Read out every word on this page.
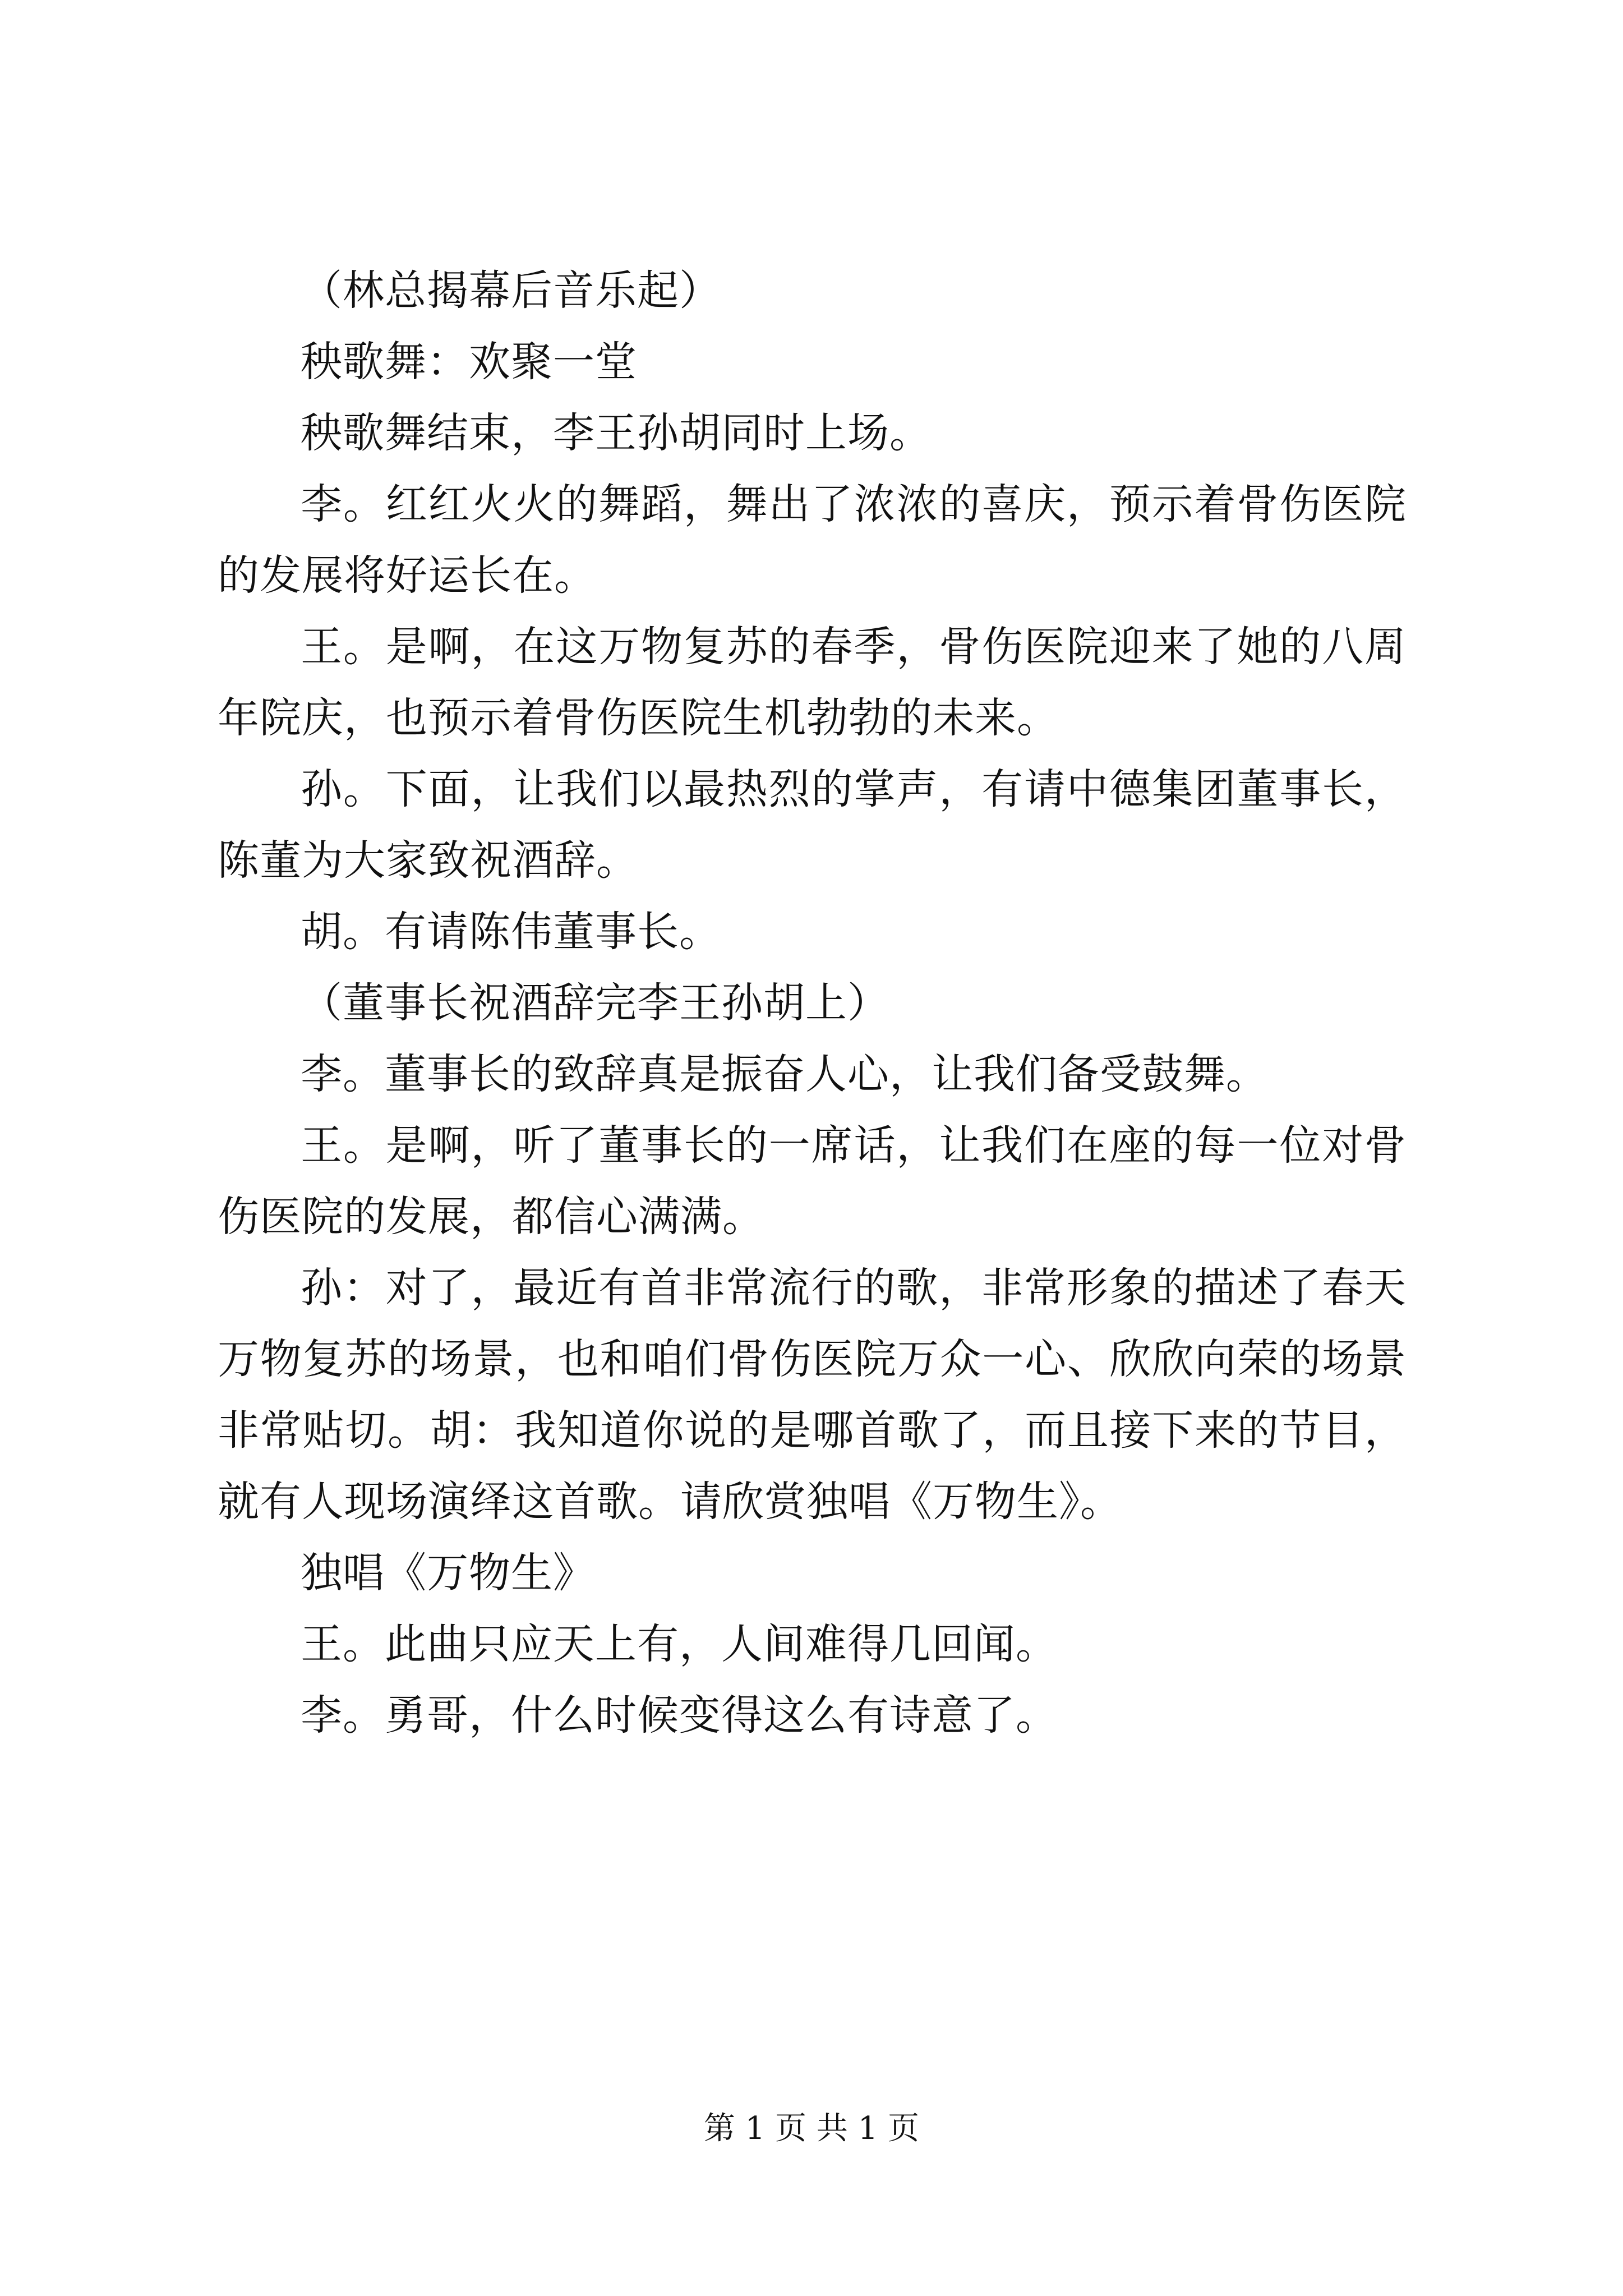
（林总揭幕后音乐起）

秧歌舞：欢聚一堂

秧歌舞结束，李王孙胡同时上场。

李。红红火火的舞蹈，舞出了浓浓的喜庆，预示着骨伤医院的发展将好运长在。

王。是啊，在这万物复苏的春季，骨伤医院迎来了她的八周年院庆，也预示着骨伤医院生机勃勃的未来。

孙。下面，让我们以最热烈的掌声，有请中德集团董事长，陈董为大家致祝酒辞。

胡。有请陈伟董事长。

（董事长祝酒辞完李王孙胡上）

李。董事长的致辞真是振奋人心，让我们备受鼓舞。

王。是啊，听了董事长的一席话，让我们在座的每一位对骨伤医院的发展，都信心满满。

孙：对了，最近有首非常流行的歌，非常形象的描述了春天万物复苏的场景，也和咱们骨伤医院万众一心、欣欣向荣的场景非常贴切。胡：我知道你说的是哪首歌了，而且接下来的节目，就有人现场演绎这首歌。请欣赏独唱《万物生》。

独唱《万物生》

王。此曲只应天上有，人间难得几回闻。

李。勇哥，什么时候变得这么有诗意了。

第 1 页 共 1 页
